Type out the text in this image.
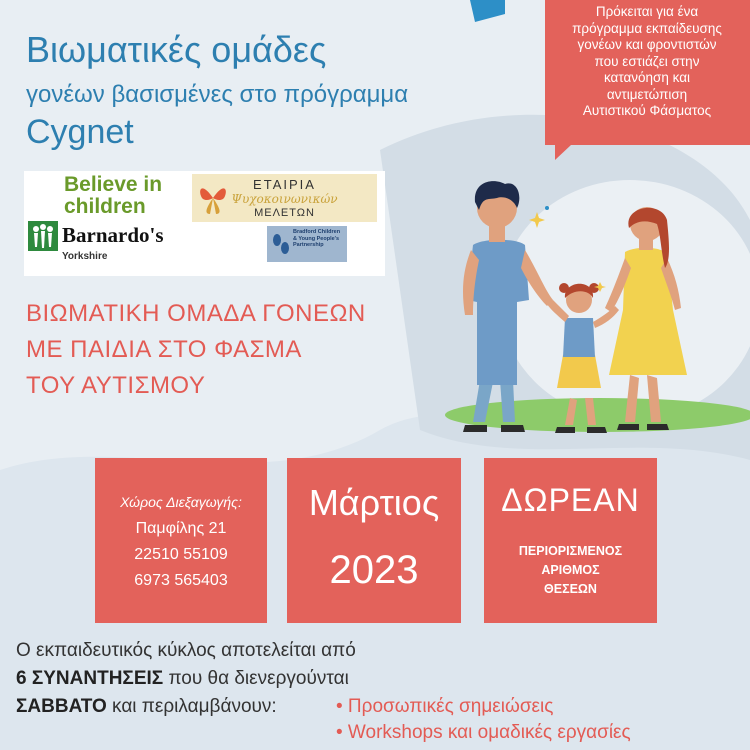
Βιωματικές ομάδες
γονέων βασισμένες στο πρόγραμμα
Cygnet
Πρόκειται για ένα
πρόγραμμα εκπαίδευσης
γονέων και φροντιστών
που εστιάζει στην
κατανόηση και
αντιμετώπιση
Αυτιστικού Φάσματος
Believe in
children
ΕΤΑΙΡΙΑ
Ψυχοκοινωνικών
ΜΕΛΕΤΩΝ
Barnardo's
Yorkshire
Bradford Children & Young People's Partnership
ΒΙΩΜΑΤΙΚΗ ΟΜΑΔΑ ΓΟΝΕΩΝ
ΜΕ ΠΑΙΔΙΑ ΣΤΟ ΦΑΣΜΑ
ΤΟΥ ΑΥΤΙΣΜΟΥ
Χώρος Διεξαγωγής:
Παμφίλης 21
22510 55109
6973 565403
Μάρτιος
2023
ΔΩΡΕΑΝ
ΠΕΡΙΟΡΙΣΜΕΝΟΣ
ΑΡΙΘΜΟΣ
ΘΕΣΕΩΝ
Ο εκπαιδευτικός κύκλος αποτελείται από
6 ΣΥΝΑΝΤΗΣΕΙΣ που θα διενεργούνται
ΣΑΒΒΑΤΟ και περιλαμβάνουν:	• Προσωπικές σημειώσεις
• Workshops και ομαδικές εργασίες
